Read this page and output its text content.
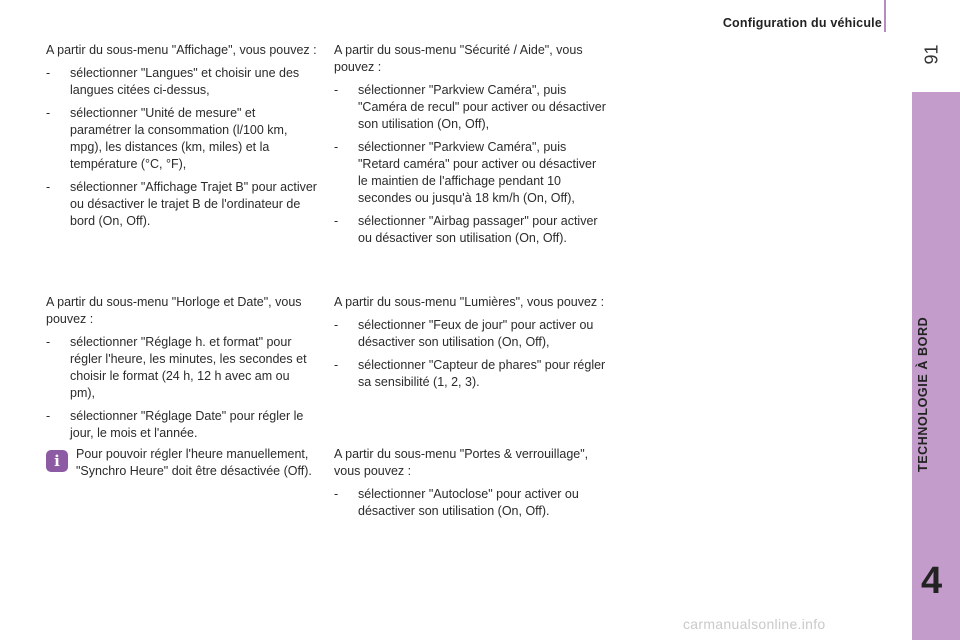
Configuration du véhicule
91
TECHNOLOGIE À BORD
4

A partir du sous-menu "Affichage", vous pouvez :

- sélectionner "Langues" et choisir une des langues citées ci-dessus,
- sélectionner "Unité de mesure" et paramétrer la consommation (l/100 km, mpg), les distances (km, miles) et la température (°C, °F),
- sélectionner "Affichage Trajet B" pour activer ou désactiver le trajet B de l'ordinateur de bord (On, Off).

A partir du sous-menu "Horloge et Date", vous pouvez :

- sélectionner "Réglage h. et format" pour régler l'heure, les minutes, les secondes et choisir le format (24 h, 12 h avec am ou pm),
- sélectionner "Réglage Date" pour régler le jour, le mois et l'année.
i	Pour pouvoir régler l'heure manuellement, "Synchro Heure" doit être désactivée (Off).

A partir du sous-menu "Sécurité / Aide", vous pouvez :

- sélectionner "Parkview Caméra", puis "Caméra de recul" pour activer ou désactiver son utilisation (On, Off),
- sélectionner "Parkview Caméra", puis "Retard caméra" pour activer ou désactiver le maintien de l'affichage pendant 10 secondes ou jusqu'à 18 km/h (On, Off),
- sélectionner "Airbag passager" pour activer ou désactiver son utilisation (On, Off).

A partir du sous-menu "Lumières", vous pouvez :

- sélectionner "Feux de jour" pour activer ou désactiver son utilisation (On, Off),
- sélectionner "Capteur de phares" pour régler sa sensibilité (1, 2, 3).

A partir du sous-menu "Portes & verrouillage", vous pouvez :

- sélectionner "Autoclose" pour activer ou désactiver son utilisation (On, Off).
carmanualsonline.info
